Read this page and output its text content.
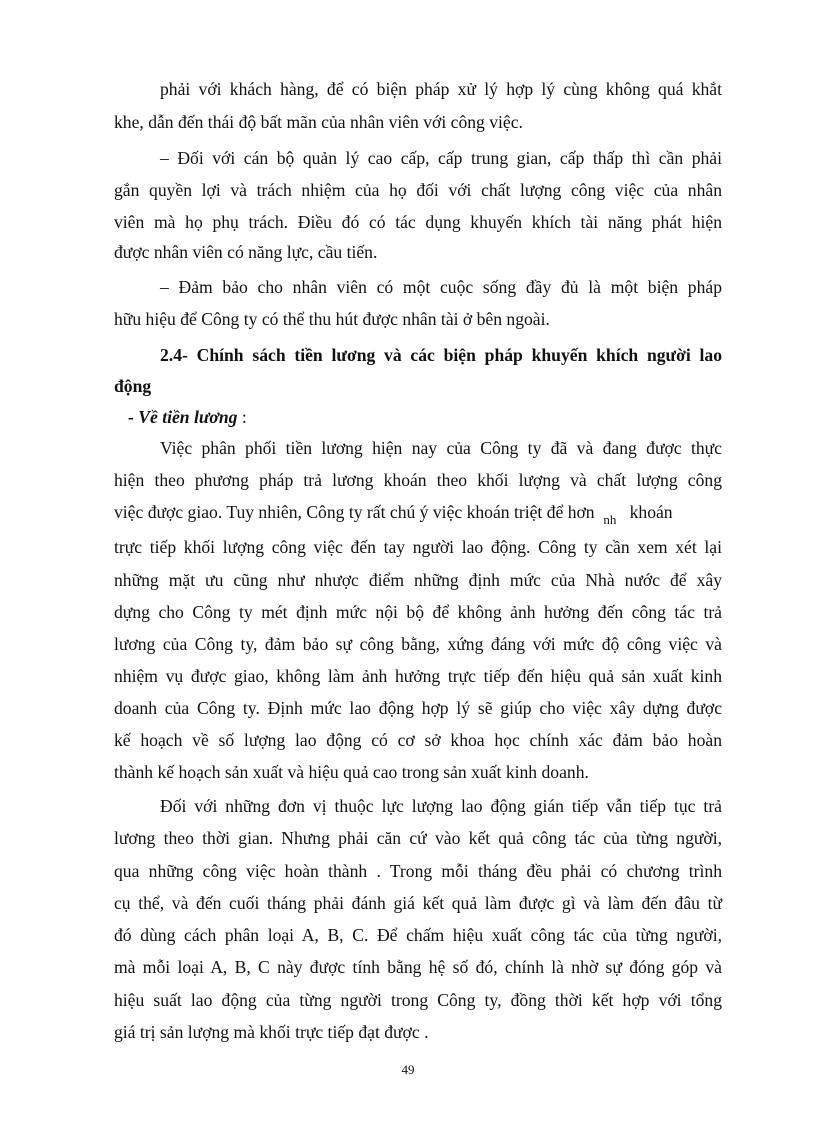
phải với khách hàng, để có biện pháp xử lý hợp lý cùng không quá khắt
khe, dẫn đến thái độ bất mãn của nhân viên với công việc.
– Đối với cán bộ quản lý cao cấp, cấp trung gian, cấp thấp thì cần phải
gắn quyền lợi và trách nhiệm của họ đối với chất lượng công việc của nhân
viên mà họ phụ trách. Điều đó có tác dụng khuyến khích tài năng phát hiện
được nhân viên có năng lực, cầu tiến.
– Đảm bảo cho nhân viên có một cuộc sống đầy đủ là một biện pháp
hữu hiệu để Công ty có thể thu hút được nhân tài ở bên ngoài.
2.4- Chính sách tiền lương và các biện pháp khuyến khích người lao
động
- Về tiền lương :
Việc phân phối tiền lương hiện nay của Công ty đã và đang được thực
hiện theo phương pháp trả lương khoán theo khối lượng và chất lượng công
việc được giao. Tuy nhiên, Công ty rất chú ý việc khoán triệt để hơn $_{nh}$ khoán
trực tiếp khối lượng công việc đến tay người lao động. Công ty cần xem xét lại
những mặt ưu cũng như nhược điểm những định mức của Nhà nước để xây
dựng cho Công ty mét định mức nội bộ để không ảnh hưởng đến công tác trả
lương của Công ty, đảm bảo sự công bằng, xứng đáng với mức độ công việc và
nhiệm vụ được giao, không làm ảnh hưởng trực tiếp đến hiệu quả sản xuất kinh
doanh của Công ty. Định mức lao động hợp lý sẽ giúp cho việc xây dựng được
kế hoạch về số lượng lao động có cơ sở khoa học chính xác đảm bảo hoàn
thành kế hoạch sản xuất và hiệu quả cao trong sản xuất kinh doanh.
Đối với những đơn vị thuộc lực lượng lao động gián tiếp vẫn tiếp tục trả
lương theo thời gian. Nhưng phải căn cứ vào kết quả công tác của từng người,
qua những công việc hoàn thành . Trong mỗi tháng đều phải có chương trình
cụ thể, và đến cuối tháng phải đánh giá kết quả làm được gì và làm đến đâu từ
đó dùng cách phân loại A, B, C. Để chấm hiệu xuất công tác của từng người,
mà mỗi loại A, B, C này được tính bằng hệ số đó, chính là nhờ sự đóng góp và
hiệu suất lao động của từng người trong Công ty, đồng thời kết hợp với tổng
giá trị sản lượng mà khối trực tiếp đạt được .
49
